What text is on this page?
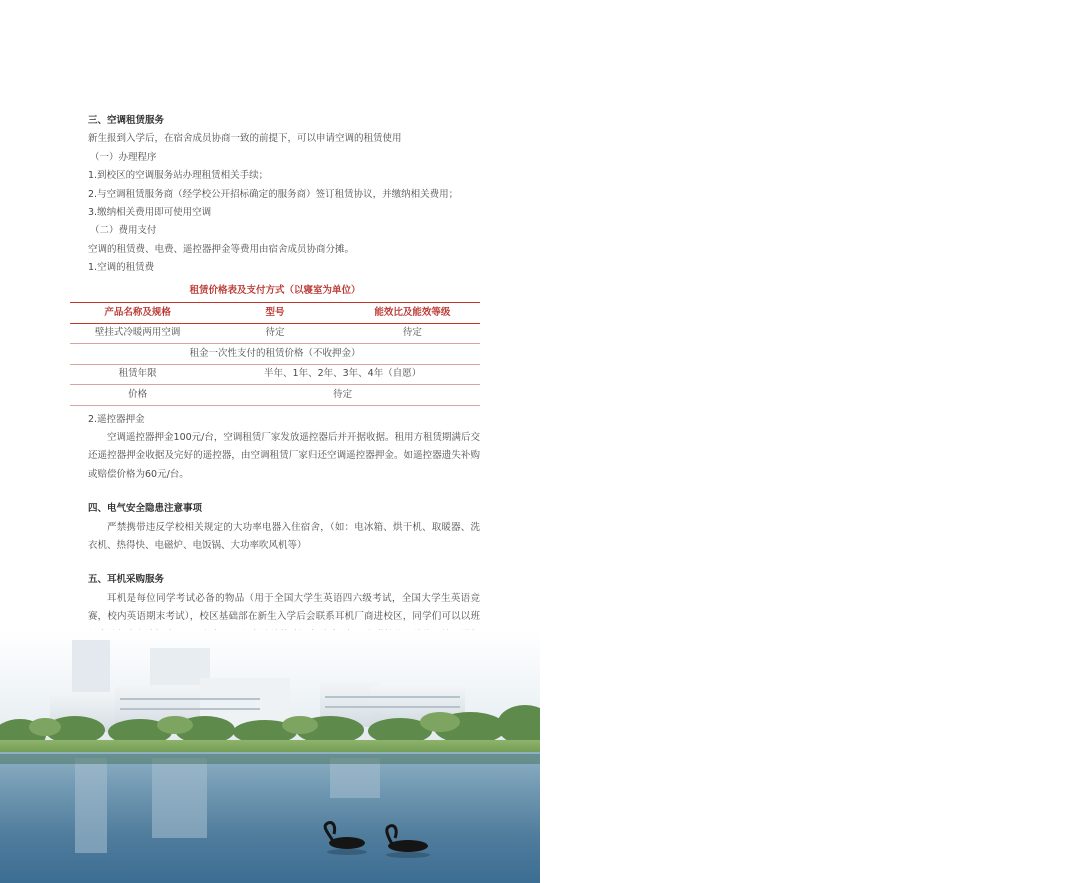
三、空调租赁服务
新生报到入学后，在宿舍成员协商一致的前提下，可以申请空调的租赁使用
（一）办理程序
1.到校区的空调服务站办理租赁相关手续；
2.与空调租赁服务商（经学校公开招标确定的服务商）签订租赁协议，并缴纳相关费用；
3.缴纳相关费用即可使用空调
（二）费用支付
空调的租赁费、电费、遥控器押金等费用由宿舍成员协商分摊。
1.空调的租赁费
租赁价格表及支付方式（以寝室为单位）
产品名称及规格	型号	能效比及能效等级
壁挂式冷暖两用空调	待定	待定
租金一次性支付的租赁价格（不收押金）		
租赁年限	半年、1年、2年、3年、4年（自愿）	
价格	待定	
2.遥控器押金
空调遥控器押金100元/台，空调租赁厂家发放遥控器后并开据收据。租用方租赁期满后交还遥控器押金收据及完好的遥控器，由空调租赁厂家归还空调遥控器押金。如遥控器遗失补购或赔偿价格为60元/台。
四、电气安全隐患注意事项
严禁携带违反学校相关规定的大功率电器入住宿舍，（如：电冰箱、烘干机、取暖器、洗衣机、热得快、电磁炉、电饭锅、大功率吹风机等）
五、耳机采购服务
耳机是每位同学考试必备的物品（用于全国大学生英语四六级考试，全国大学生英语竞赛，校内英语期末考试），校区基础部在新生入学后会联系耳机厂商进校区，同学们可以以班
